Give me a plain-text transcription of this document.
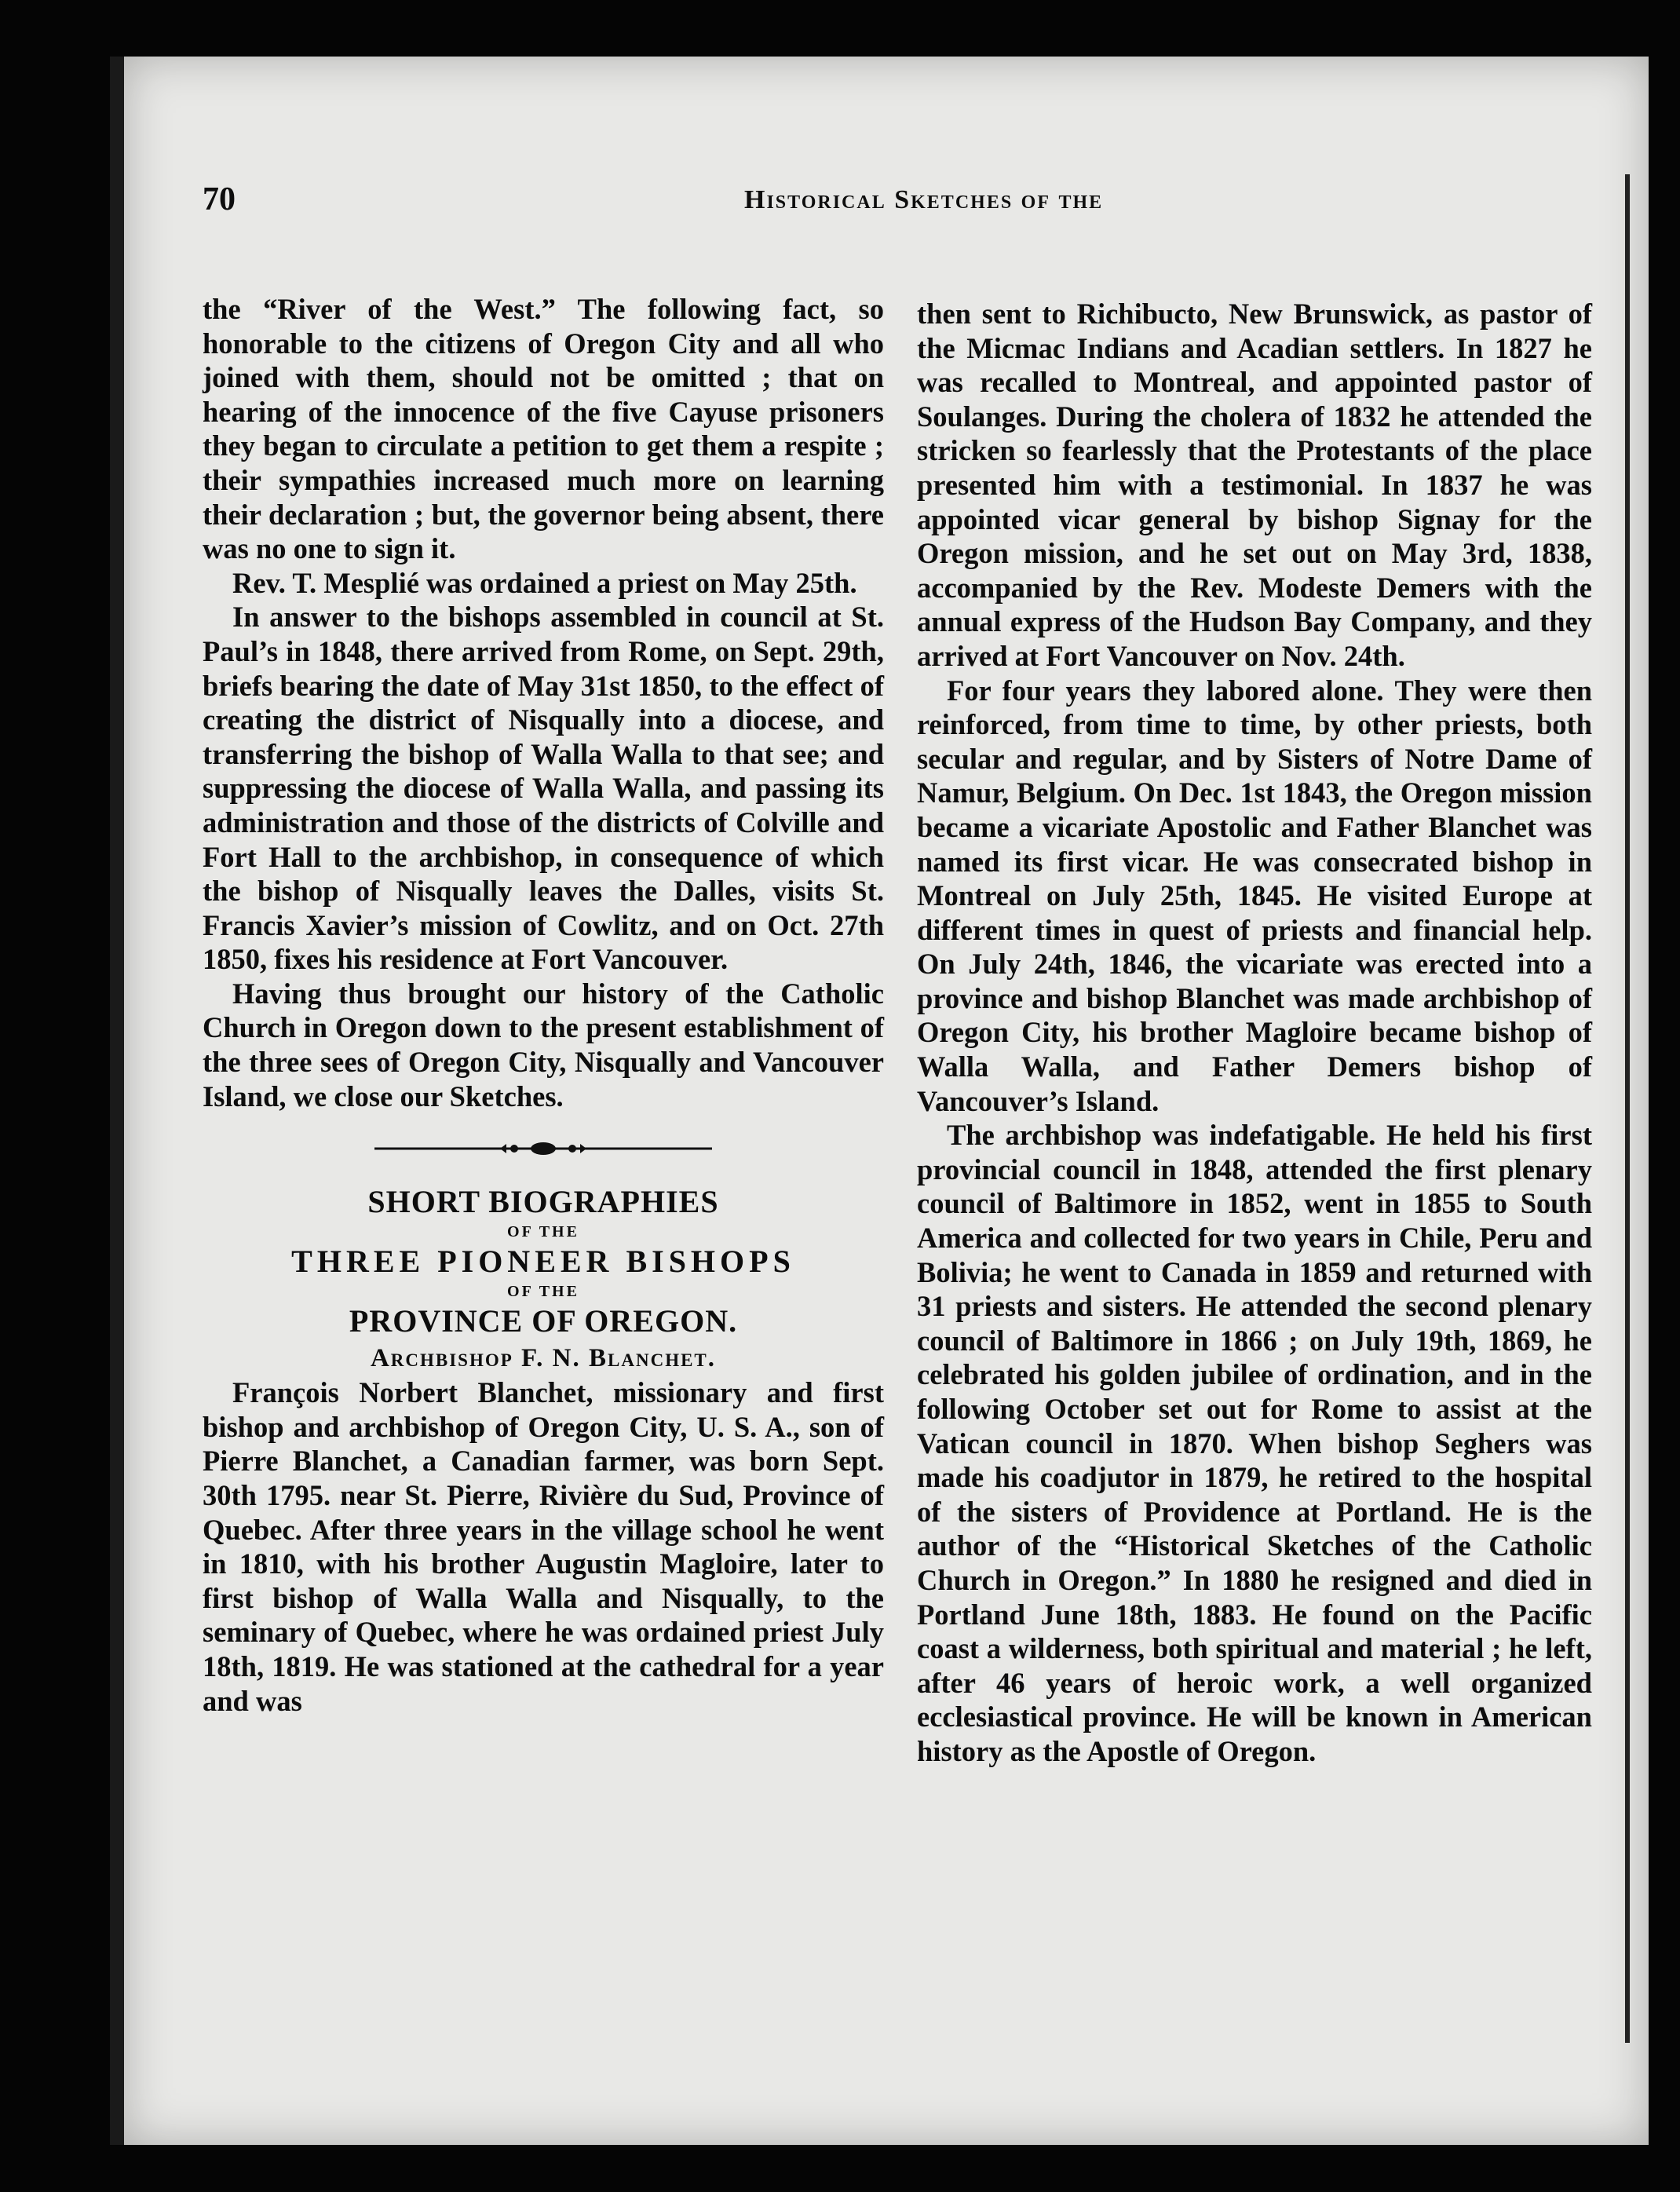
70	Historical Sketches of the

the “River of the West.” The following fact, so honorable to the citizens of Oregon City and all who joined with them, should not be omitted ; that on hearing of the innocence of the five Cayuse prisoners they began to circulate a petition to get them a respite ; their sympathies increased much more on learning their declaration ; but, the governor being absent, there was no one to sign it.

Rev. T. Mesplié was ordained a priest on May 25th.

In answer to the bishops assembled in council at St. Paul’s in 1848, there arrived from Rome, on Sept. 29th, briefs bearing the date of May 31st 1850, to the effect of creating the district of Nisqually into a diocese, and transferring the bishop of Walla Walla to that see; and suppressing the diocese of Walla Walla, and passing its administration and those of the districts of Colville and Fort Hall to the archbishop, in consequence of which the bishop of Nisqually leaves the Dalles, visits St. Francis Xavier’s mission of Cowlitz, and on Oct. 27th 1850, fixes his residence at Fort Vancouver.

Having thus brought our history of the Catholic Church in Oregon down to the present establishment of the three sees of Oregon City, Nisqually and Vancouver Island, we close our Sketches.

SHORT BIOGRAPHIES

OF THE

THREE PIONEER BISHOPS

OF THE

PROVINCE OF OREGON.

Archbishop F. N. Blanchet.

François Norbert Blanchet, missionary and first bishop and archbishop of Oregon City, U. S. A., son of Pierre Blanchet, a Canadian farmer, was born Sept. 30th 1795. near St. Pierre, Rivière du Sud, Province of Quebec. After three years in the village school he went in 1810, with his brother Augustin Magloire, later to first bishop of Walla Walla and Nisqually, to the seminary of Quebec, where he was ordained priest July 18th, 1819. He was stationed at the cathedral for a year and was

then sent to Richibucto, New Brunswick, as pastor of the Micmac Indians and Acadian settlers. In 1827 he was recalled to Montreal, and appointed pastor of Soulanges. During the cholera of 1832 he attended the stricken so fearlessly that the Protestants of the place presented him with a testimonial. In 1837 he was appointed vicar general by bishop Signay for the Oregon mission, and he set out on May 3rd, 1838, accompanied by the Rev. Modeste Demers with the annual express of the Hudson Bay Company, and they arrived at Fort Vancouver on Nov. 24th.

For four years they labored alone. They were then reinforced, from time to time, by other priests, both secular and regular, and by Sisters of Notre Dame of Namur, Belgium. On Dec. 1st 1843, the Oregon mission became a vicariate Apostolic and Father Blanchet was named its first vicar. He was consecrated bishop in Montreal on July 25th, 1845. He visited Europe at different times in quest of priests and financial help. On July 24th, 1846, the vicariate was erected into a province and bishop Blanchet was made archbishop of Oregon City, his brother Magloire became bishop of Walla Walla, and Father Demers bishop of Vancouver’s Island.

The archbishop was indefatigable. He held his first provincial council in 1848, attended the first plenary council of Baltimore in 1852, went in 1855 to South America and collected for two years in Chile, Peru and Bolivia; he went to Canada in 1859 and returned with 31 priests and sisters. He attended the second plenary council of Baltimore in 1866 ; on July 19th, 1869, he celebrated his golden jubilee of ordination, and in the following October set out for Rome to assist at the Vatican council in 1870. When bishop Seghers was made his coadjutor in 1879, he retired to the hospital of the sisters of Providence at Portland. He is the author of the “Historical Sketches of the Catholic Church in Oregon.” In 1880 he resigned and died in Portland June 18th, 1883. He found on the Pacific coast a wilderness, both spiritual and material ; he left, after 46 years of heroic work, a well organized ecclesiastical province. He will be known in American history as the Apostle of Oregon.
